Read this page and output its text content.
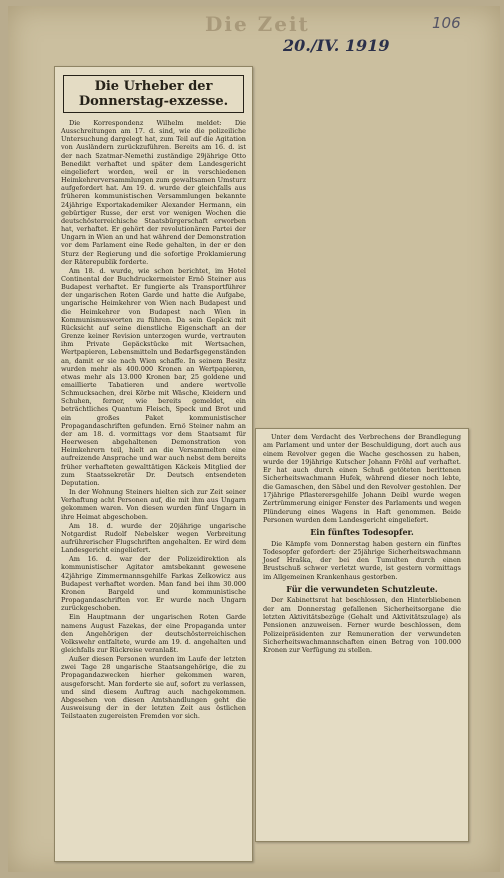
Die Zeit	106
20./IV. 1919
Die Urheber der Donnerstag-exzesse.

Die Korrespondenz Wilhelm meldet: Die Ausschreitungen am 17. d. sind, wie die polizeiliche Untersuchung dargelegt hat, zum Teil auf die Agitation von Ausländern zurückzuführen. Bereits am 16. d. ist der nach Szatmar-Nemethi zuständige 29jährige Otto Benedikt verhaftet und später dem Landesgericht eingeliefert worden, weil er in verschiedenen Heimkehrerversammlungen zum gewaltsamen Umsturz aufgefordert hat. Am 19. d. wurde der gleichfalls aus früheren kommunistischen Versammlungen bekannte 24jährige Exportakademiker Alexander Hermann, ein gebürtiger Russe, der erst vor wenigen Wochen die deutschösterreichische Staatsbürgerschaft erworben hat, verhaftet. Er gehört der revolutionären Partei der Ungarn in Wien an und hat während der Demonstration vor dem Parlament eine Rede gehalten, in der er den Sturz der Regierung und die sofortige Proklamierung der Räterepublik forderte.

Am 18. d. wurde, wie schon berichtet, im Hotel Continental der Buchdruckermeister Ernö Steiner aus Budapest verhaftet. Er fungierte als Transportführer der ungarischen Roten Garde und hatte die Aufgabe, ungarische Heimkehrer von Wien nach Budapest und die Heimkehrer von Budapest nach Wien in Kommunismusworten zu führen. Da sein Gepäck mit Rücksicht auf seine dienstliche Eigenschaft an der Grenze keiner Revision unterzogen wurde, vertrauten ihm Private Gepäckstücke mit Wertsachen, Wertpapieren, Lebensmitteln und Bedarfsgegenständen an, damit er sie nach Wien schaffe. In seinem Besitz wurden mehr als 400.000 Kronen an Wertpapieren, etwas mehr als 13.000 Kronen bar, 25 goldene und emaillierte Tabatieren und andere wertvolle Schmucksachen, drei Körbe mit Wäsche, Kleidern und Schuhen, ferner, wie bereits gemeldet, ein beträchtliches Quantum Fleisch, Speck und Brot und ein großes Paket kommunistischer Propagandaschriften gefunden. Ernö Steiner nahm an der am 18. d. vormittags vor dem Staatsamt für Heerwesen abgehaltenen Demonstration von Heimkehrern teil, hielt an die Versammelten eine aufreizende Ansprache und war auch nebst dem bereits früher verhafteten gewalttätigen Käckeis Mitglied der zum Staatssekretär Dr. Deutsch entsendeten Deputation.

In der Wohnung Steiners hielten sich zur Zeit seiner Verhaftung acht Personen auf, die mit ihm aus Ungarn gekommen waren. Von diesen wurden fünf Ungarn in ihre Heimat abgeschoben.

Am 18. d. wurde der 20jährige ungarische Notgardist Rudolf Nebelsker wegen Verbreitung aufrührerischer Flugschriften angehalten. Er wird dem Landesgericht eingeliefert.

Am 16. d. war der der Polizeidirektion als kommunistischer Agitator amtsbekannt gewesene 42jährige Zimmermannsgehilfe Farkas Zelkowicz aus Budapest verhaftet worden. Man fand bei ihm 30.000 Kronen Bargeld und kommunistische Propagandaschriften vor. Er wurde nach Ungarn zurückgeschoben.

Ein Hauptmann der ungarischen Roten Garde namens August Fazekas, der eine Propaganda unter den Angehörigen der deutschösterreichischen Volkswehr entfaltete, wurde am 19. d. angehalten und gleichfalls zur Rückreise veranlaßt.

Außer diesen Personen wurden im Laufe der letzten zwei Tage 28 ungarische Staatsangehörige, die zu Propagandazwecken hierher gekommen waren, ausgeforscht. Man forderte sie auf, sofort zu verlassen, und sind diesem Auftrag auch nachgekommen. Abgesehen von diesen Amtshandlungen geht die Ausweisung der in der letzten Zeit aus östlichen Teilstaaten zugereisten Fremden vor sich.

Unter dem Verdacht des Verbrechens der Brandlegung am Parlament und unter der Beschuldigung, dort auch aus einem Revolver gegen die Wache geschossen zu haben, wurde der 19jährige Kutscher Johann Fröhl auf verhaftet. Er hat auch durch einen Schuß getöteten berittenen Sicherheitswachmann Hufek, während dieser noch lebte, die Gamaschen, den Säbel und den Revolver gestohlen. Der 17jährige Pflasterersgehilfe Johann Deibl wurde wegen Zertrümmerung einiger Fenster des Parlaments und wegen Plünderung eines Wagens in Haft genommen. Beide Personen wurden dem Landesgericht eingeliefert.

Ein fünftes Todesopfer.

Die Kämpfe vom Donnerstag haben gestern ein fünftes Todesopfer gefordert: der 25jährige Sicherheitswachmann Josef Hraška, der bei den Tumulten durch einen Brustschuß schwer verletzt wurde, ist gestern vormittags im Allgemeinen Krankenhaus gestorben.

Für die verwundeten Schutzleute.

Der Kabinettsrat hat beschlossen, den Hinterbliebenen der am Donnerstag gefallenen Sicherheitsorgane die letzten Aktivitätsbezüge (Gehalt und Aktivitätszulage) als Pensionen anzuweisen. Ferner wurde beschlossen, dem Polizeipräsidenten zur Remuneration der verwundeten Sicherheitswachmannschaften einen Betrag von 100.000 Kronen zur Verfügung zu stellen.
